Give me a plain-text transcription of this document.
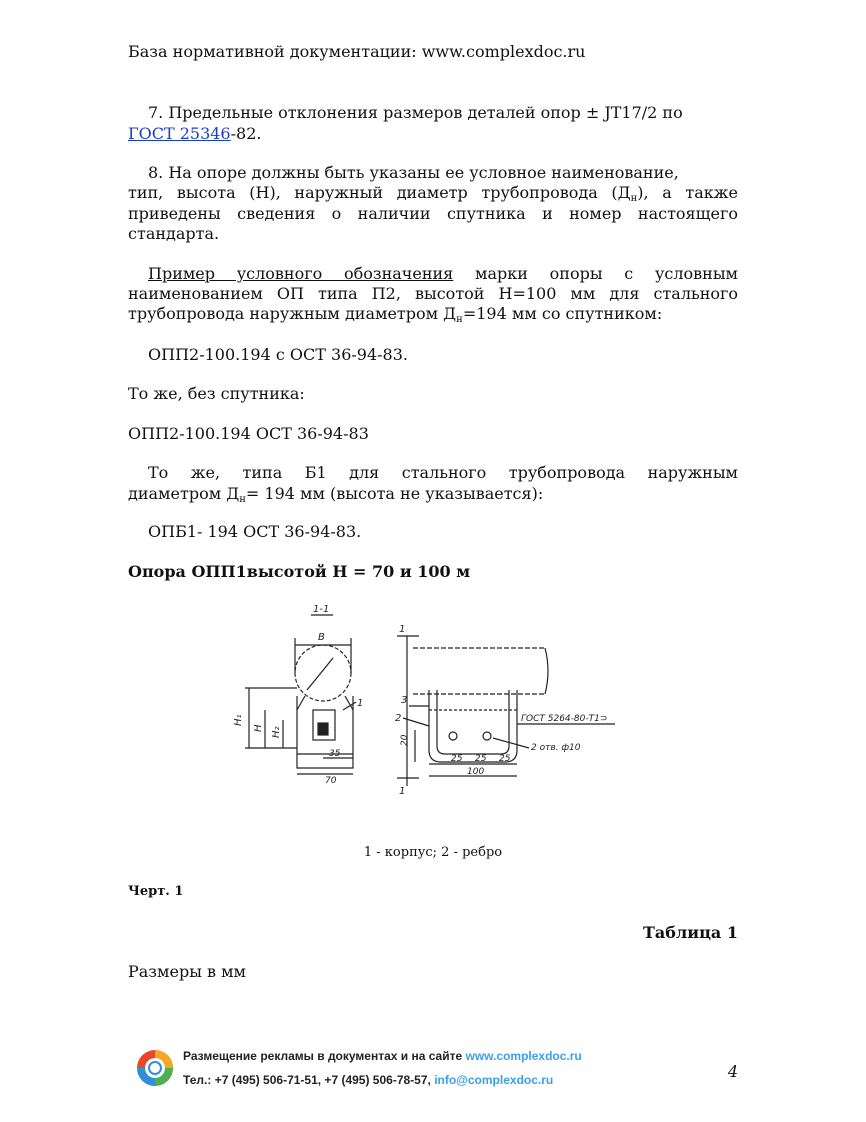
База нормативной документации: www.complexdoc.ru
7. Предельные отклонения размеров деталей опор ± JT17/2 по
ГОСТ 25346-82.
8. На опоре должны быть указаны ее условное наименование,
тип, высота (Н), наружный диаметр трубопровода $(Д_н)$, а также
приведены сведения о наличии спутника и номер настоящего
стандарта.
Пример условного обозначения марки опоры с условным
наименованием ОП типа П2, высотой Н=100 мм для стального
трубопровода наружным диаметром $Д_н=194$ мм со спутником:
ОПП2-100.194 с ОСТ 36-94-83.
То же, без спутника:
ОПП2-100.194 ОСТ 36-94-83
То же, типа Б1 для стального трубопровода наружным
диаметром $Д_н= 194$ мм (высота не указывается):
ОПБ1- 194 ОСТ 36-94-83.
Опора ОПП1высотой Н = 70 и 100 м
1-1
В
1
Н₁
Н Н₂
35
70
1
3
2
20
25 25 25
100
ГОСТ 5264-80-Т1⊃
2 отв. ф10
1
1 - корпус; 2 - ребро
Черт. 1
Таблица 1
Размеры в мм
Размещение рекламы в документах и на сайте www.complexdoc.ru
Тел.: +7 (495) 506-71-51, +7 (495) 506-78-57, info@complexdoc.ru	4
